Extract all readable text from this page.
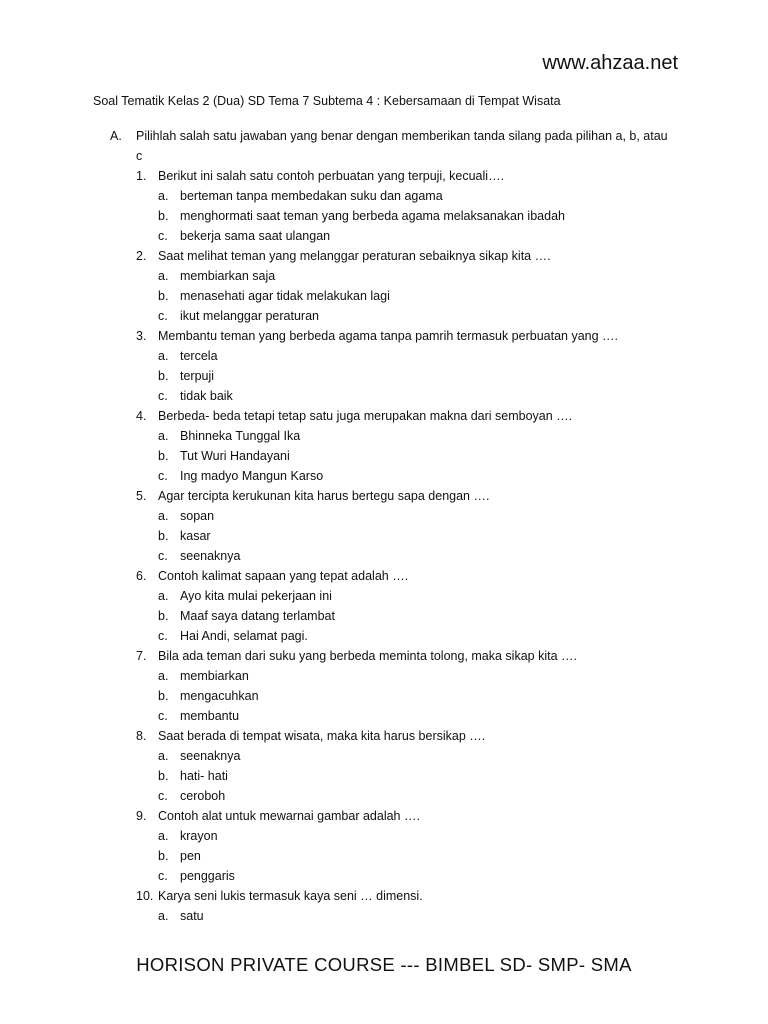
www.ahzaa.net
Soal Tematik Kelas 2 (Dua) SD Tema 7 Subtema 4 : Kebersamaan di Tempat Wisata
A.	Pilihlah salah satu jawaban yang benar dengan memberikan tanda silang pada pilihan a, b, atau c
1. Berikut ini salah satu contoh perbuatan yang terpuji, kecuali….
a. berteman tanpa membedakan suku dan agama
b. menghormati saat teman yang berbeda agama melaksanakan ibadah
c. bekerja sama saat ulangan
2. Saat melihat teman yang melanggar peraturan sebaiknya sikap kita ….
a. membiarkan saja
b. menasehati agar tidak melakukan lagi
c. ikut melanggar peraturan
3. Membantu teman yang berbeda agama tanpa pamrih termasuk perbuatan yang ….
a. tercela
b. terpuji
c. tidak baik
4. Berbeda- beda tetapi tetap satu juga merupakan makna dari semboyan ….
a. Bhinneka Tunggal Ika
b. Tut Wuri Handayani
c. Ing madyo Mangun Karso
5. Agar tercipta kerukunan kita harus bertegu sapa dengan ….
a. sopan
b. kasar
c. seenaknya
6. Contoh kalimat sapaan yang tepat adalah ….
a. Ayo kita mulai pekerjaan ini
b. Maaf saya datang terlambat
c. Hai Andi, selamat pagi.
7. Bila ada teman dari suku yang berbeda meminta tolong, maka sikap kita ….
a. membiarkan
b. mengacuhkan
c. membantu
8. Saat berada di tempat wisata, maka kita harus bersikap ….
a. seenaknya
b. hati- hati
c. ceroboh
9. Contoh alat untuk mewarnai gambar adalah ….
a. krayon
b. pen
c. penggaris
10. Karya seni lukis termasuk kaya seni … dimensi.
a. satu
HORISON PRIVATE COURSE --- BIMBEL SD- SMP- SMA
